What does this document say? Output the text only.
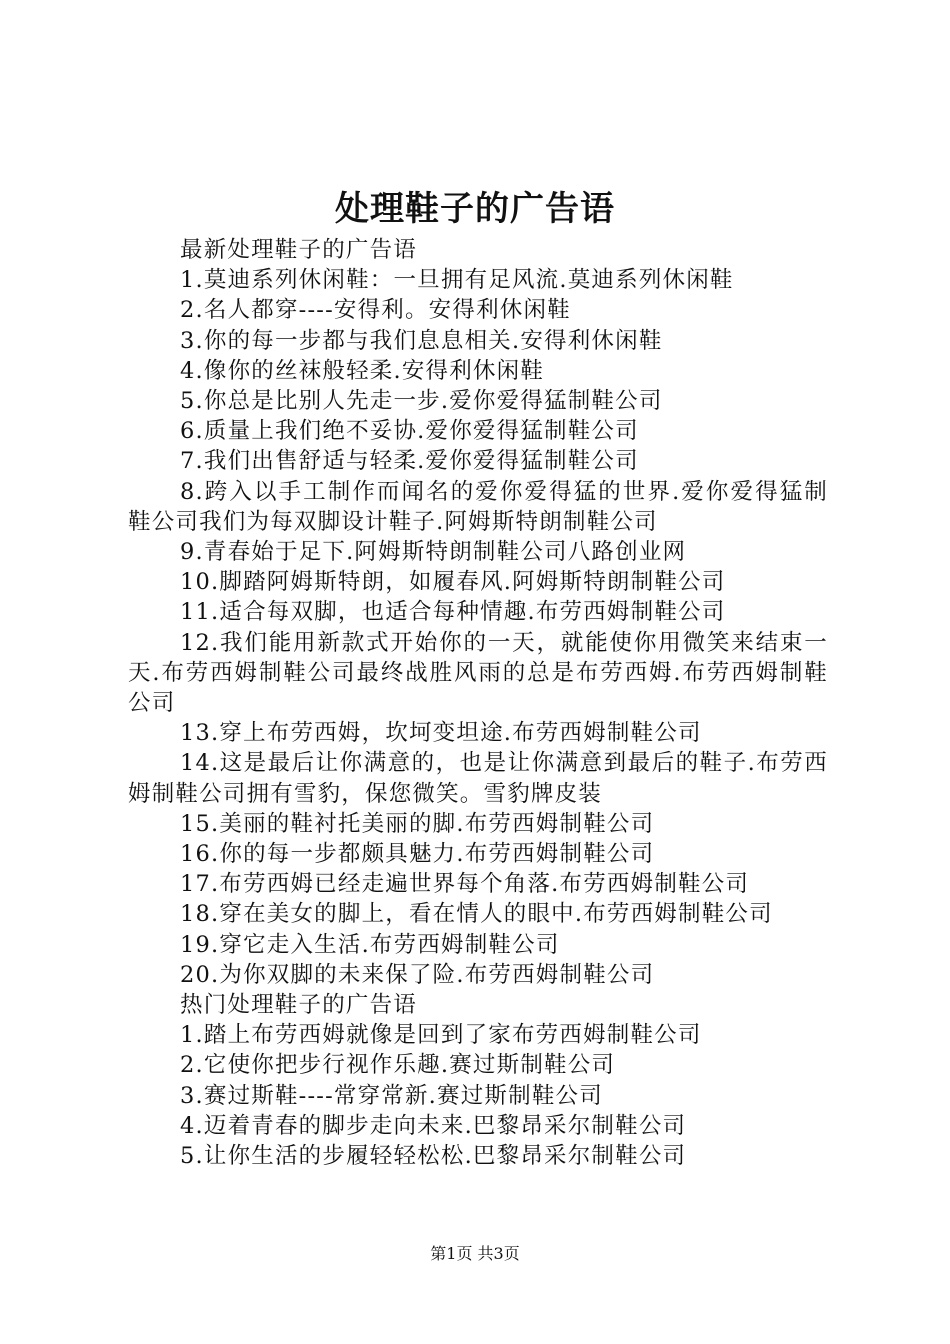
处理鞋子的广告语

最新处理鞋子的广告语

1.莫迪系列休闲鞋：一旦拥有足风流.莫迪系列休闲鞋

2.名人都穿----安得利。安得利休闲鞋

3.你的每一步都与我们息息相关.安得利休闲鞋

4.像你的丝袜般轻柔.安得利休闲鞋

5.你总是比别人先走一步.爱你爱得猛制鞋公司

6.质量上我们绝不妥协.爱你爱得猛制鞋公司

7.我们出售舒适与轻柔.爱你爱得猛制鞋公司

8.跨入以手工制作而闻名的爱你爱得猛的世界.爱你爱得猛制鞋公司我们为每双脚设计鞋子.阿姆斯特朗制鞋公司

9.青春始于足下.阿姆斯特朗制鞋公司八路创业网

10.脚踏阿姆斯特朗，如履春风.阿姆斯特朗制鞋公司

11.适合每双脚，也适合每种情趣.布劳西姆制鞋公司

12.我们能用新款式开始你的一天，就能使你用微笑来结束一天.布劳西姆制鞋公司最终战胜风雨的总是布劳西姆.布劳西姆制鞋公司

13.穿上布劳西姆，坎坷变坦途.布劳西姆制鞋公司

14.这是最后让你满意的，也是让你满意到最后的鞋子.布劳西姆制鞋公司拥有雪豹，保您微笑。雪豹牌皮装

15.美丽的鞋衬托美丽的脚.布劳西姆制鞋公司

16.你的每一步都颇具魅力.布劳西姆制鞋公司

17.布劳西姆已经走遍世界每个角落.布劳西姆制鞋公司

18.穿在美女的脚上，看在情人的眼中.布劳西姆制鞋公司

19.穿它走入生活.布劳西姆制鞋公司

20.为你双脚的未来保了险.布劳西姆制鞋公司

热门处理鞋子的广告语

1.踏上布劳西姆就像是回到了家布劳西姆制鞋公司

2.它使你把步行视作乐趣.赛过斯制鞋公司

3.赛过斯鞋----常穿常新.赛过斯制鞋公司

4.迈着青春的脚步走向未来.巴黎昂采尔制鞋公司

5.让你生活的步履轻轻松松.巴黎昂采尔制鞋公司

第1页 共3页
